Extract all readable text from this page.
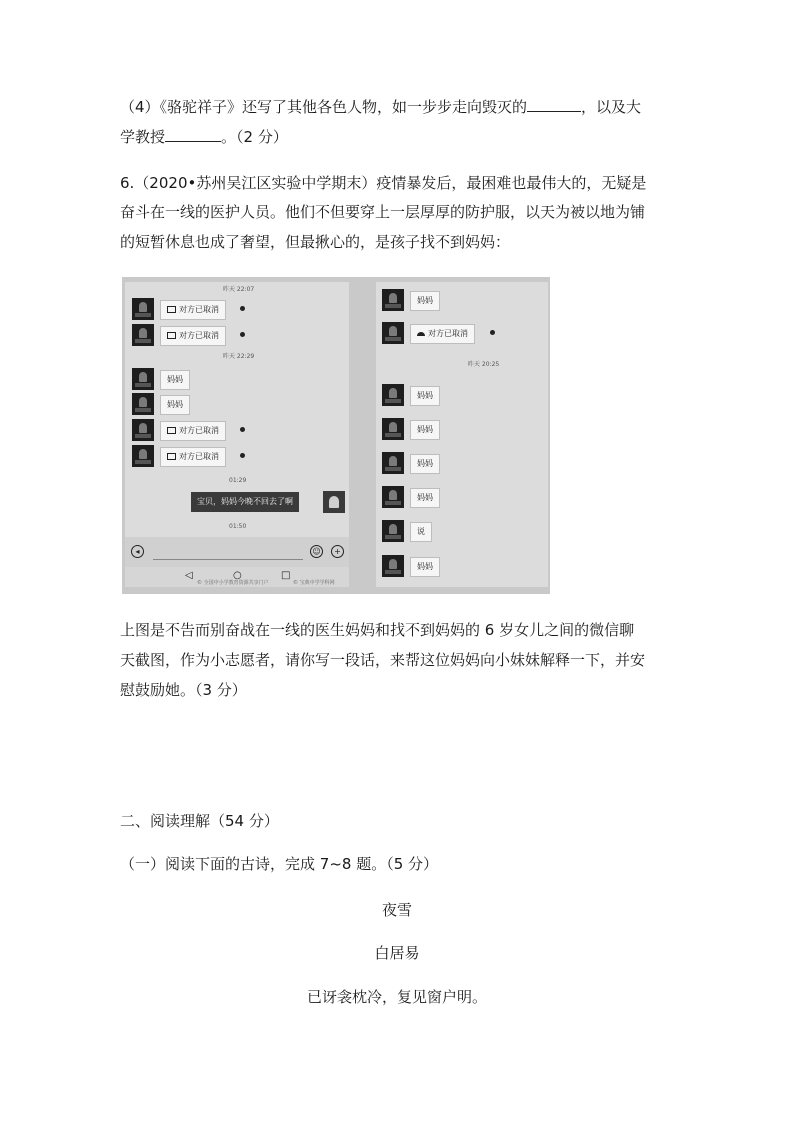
（4）《骆驼祥子》还写了其他各色人物，如一步步走向毁灭的	，以及大
学教授	。（2 分）
6.（2020•苏州吴江区实验中学期末）疫情暴发后，最困难也最伟大的，无疑是
奋斗在一线的医护人员。他们不但要穿上一层厚厚的防护服，以天为被以地为铺
的短暂休息也成了奢望，但最揪心的，是孩子找不到妈妈：
昨天 22:07
对方已取消
对方已取消
昨天 22:29
妈妈
妈妈
对方已取消
对方已取消
01:29
宝贝，妈妈今晚不回去了啊
01:50
◂	☺	+
◁	○	□
© 全国中小学教育资源共享门户	© 宝典中学学科网
妈妈
对方已取消
昨天 20:25
妈妈
妈妈
妈妈
妈妈
说
妈妈
上图是不告而别奋战在一线的医生妈妈和找不到妈妈的 6 岁女儿之间的微信聊
天截图，作为小志愿者，请你写一段话，来帮这位妈妈向小妹妹解释一下，并安
慰鼓励她。（3 分）
二、阅读理解（54 分）
（一）阅读下面的古诗，完成 7~8 题。（5 分）
夜雪
白居易
已讶衾枕冷，复见窗户明。
